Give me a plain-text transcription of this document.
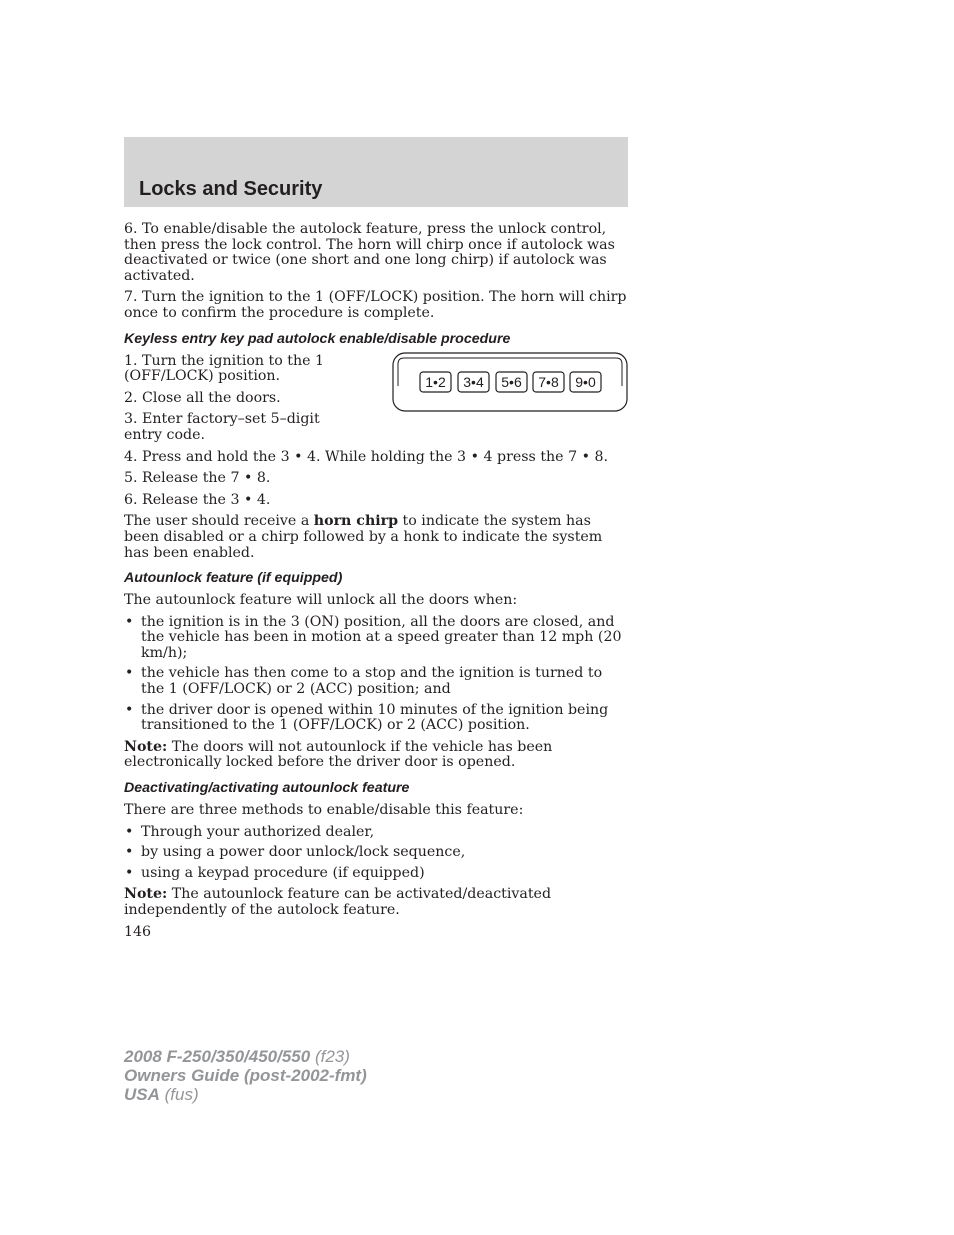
Locks and Security

6. To enable/disable the autolock feature, press the unlock control, then press the lock control. The horn will chirp once if autolock was deactivated or twice (one short and one long chirp) if autolock was activated.

7. Turn the ignition to the 1 (OFF/LOCK) position. The horn will chirp once to confirm the procedure is complete.

Keyless entry key pad autolock enable/disable procedure

1. Turn the ignition to the 1 (OFF/LOCK) position.

2. Close all the doors.

3. Enter factory–set 5–digit entry code.

1•2 3•4 5•6 7•8 9•0

4. Press and hold the 3 • 4. While holding the 3 • 4 press the 7 • 8.

5. Release the 7 • 8.

6. Release the 3 • 4.

The user should receive a horn chirp to indicate the system has been disabled or a chirp followed by a honk to indicate the system has been enabled.

Autounlock feature (if equipped)

The autounlock feature will unlock all the doors when:

• the ignition is in the 3 (ON) position, all the doors are closed, and the vehicle has been in motion at a speed greater than 12 mph (20 km/h);
• the vehicle has then come to a stop and the ignition is turned to the 1 (OFF/LOCK) or 2 (ACC) position; and
• the driver door is opened within 10 minutes of the ignition being transitioned to the 1 (OFF/LOCK) or 2 (ACC) position.

Note: The doors will not autounlock if the vehicle has been electronically locked before the driver door is opened.

Deactivating/activating autounlock feature

There are three methods to enable/disable this feature:

• Through your authorized dealer,
• by using a power door unlock/lock sequence,
• using a keypad procedure (if equipped)

Note: The autounlock feature can be activated/deactivated independently of the autolock feature.

146

2008 F-250/350/450/550 (f23)
Owners Guide (post-2002-fmt)
USA (fus)
